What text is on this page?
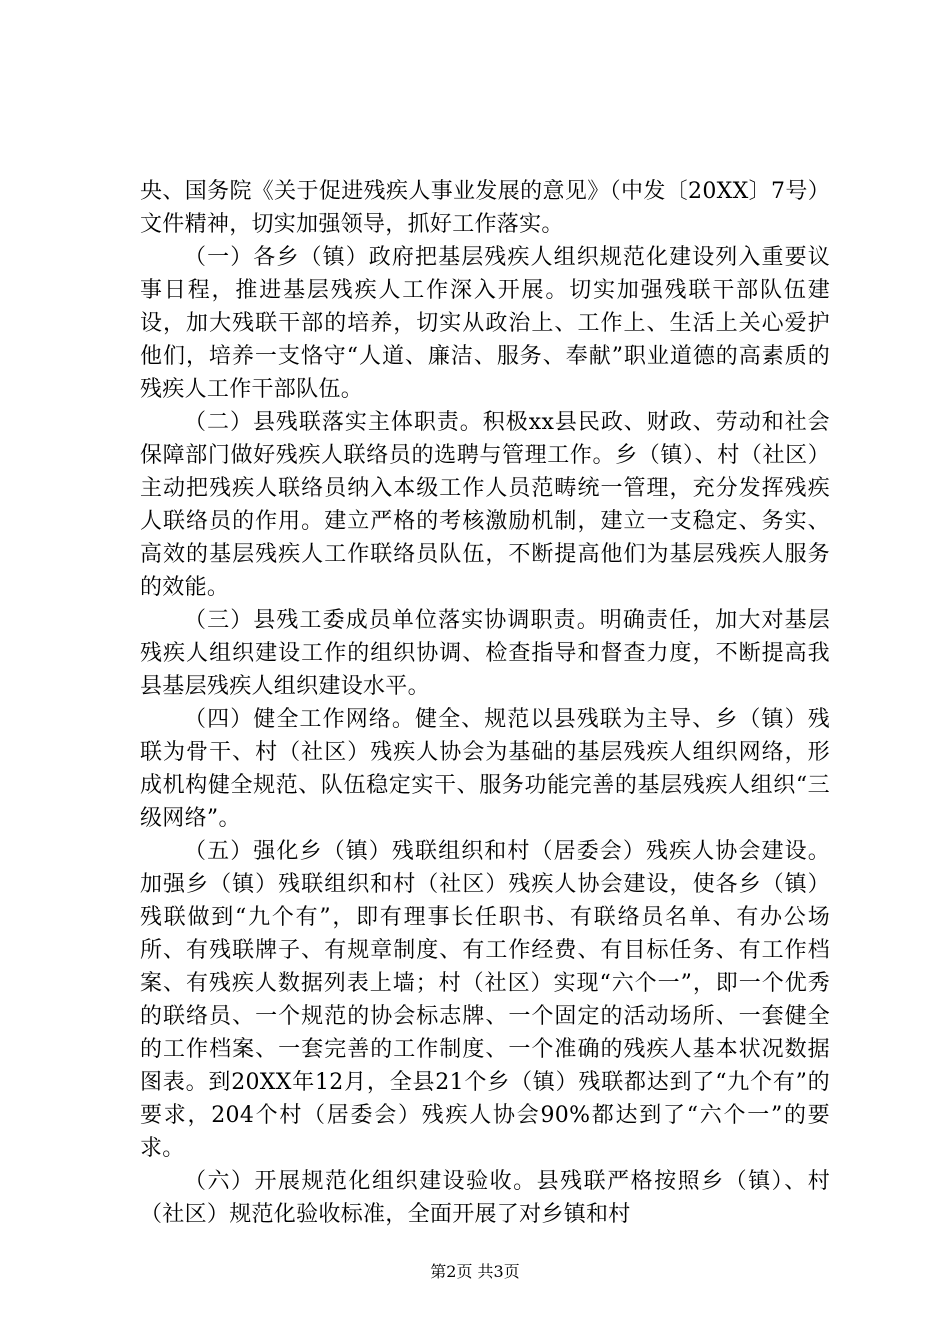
央、国务院《关于促进残疾人事业发展的意见》（中发〔20XX〕7号）文件精神，切实加强领导，抓好工作落实。

（一）各乡（镇）政府把基层残疾人组织规范化建设列入重要议事日程，推进基层残疾人工作深入开展。切实加强残联干部队伍建设，加大残联干部的培养，切实从政治上、工作上、生活上关心爱护他们，培养一支恪守“人道、廉洁、服务、奉献”职业道德的高素质的残疾人工作干部队伍。

（二）县残联落实主体职责。积极xx县民政、财政、劳动和社会保障部门做好残疾人联络员的选聘与管理工作。乡（镇）、村（社区）主动把残疾人联络员纳入本级工作人员范畴统一管理，充分发挥残疾人联络员的作用。建立严格的考核激励机制，建立一支稳定、务实、高效的基层残疾人工作联络员队伍，不断提高他们为基层残疾人服务的效能。

（三）县残工委成员单位落实协调职责。明确责任，加大对基层残疾人组织建设工作的组织协调、检查指导和督查力度，不断提高我县基层残疾人组织建设水平。

（四）健全工作网络。健全、规范以县残联为主导、乡（镇）残联为骨干、村（社区）残疾人协会为基础的基层残疾人组织网络，形成机构健全规范、队伍稳定实干、服务功能完善的基层残疾人组织“三级网络”。

（五）强化乡（镇）残联组织和村（居委会）残疾人协会建设。加强乡（镇）残联组织和村（社区）残疾人协会建设，使各乡（镇）残联做到“九个有”，即有理事长任职书、有联络员名单、有办公场所、有残联牌子、有规章制度、有工作经费、有目标任务、有工作档案、有残疾人数据列表上墙；村（社区）实现“六个一”，即一个优秀的联络员、一个规范的协会标志牌、一个固定的活动场所、一套健全的工作档案、一套完善的工作制度、一个准确的残疾人基本状况数据图表。到20XX年12月，全县21个乡（镇）残联都达到了“九个有”的要求，204个村（居委会）残疾人协会90%都达到了“六个一”的要求。

（六）开展规范化组织建设验收。县残联严格按照乡（镇）、村（社区）规范化验收标准，全面开展了对乡镇和村

第2页 共3页
